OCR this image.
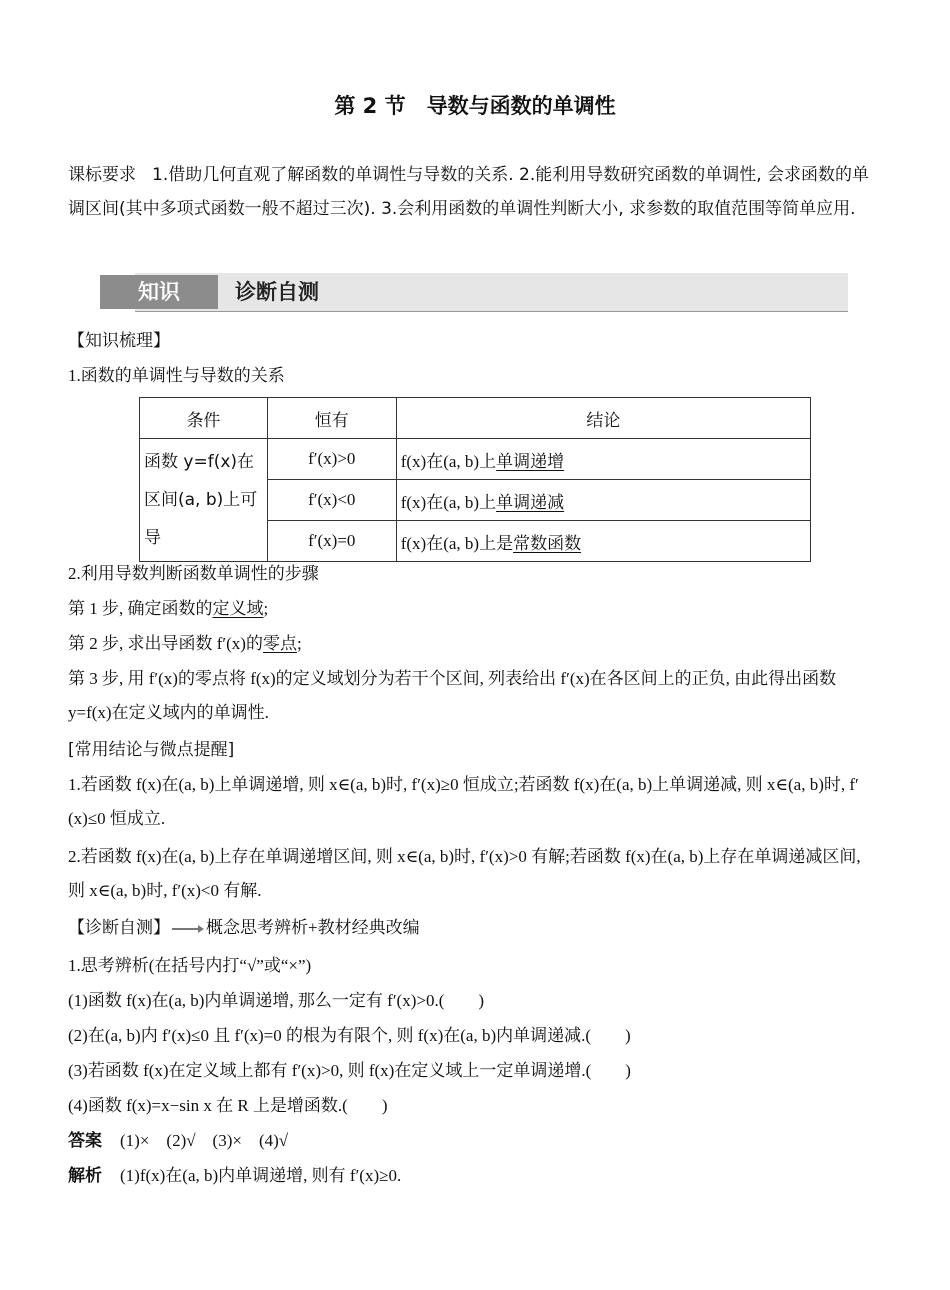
第 2 节　导数与函数的单调性
课标要求 1.借助几何直观了解函数的单调性与导数的关系. 2.能利用导数研究函数的单调性, 会求函数的单调区间(其中多项式函数一般不超过三次). 3.会利用函数的单调性判断大小, 求参数的取值范围等简单应用.
知识	诊断自测
【知识梳理】
1.函数的单调性与导数的关系
条件	恒有	结论

函数 y=f(x)在
区间(a, b)上可
导	f′(x)>0	f(x)在(a, b)上单调递增
	f′(x)<0	f(x)在(a, b)上单调递减
	f′(x)=0	f(x)在(a, b)上是常数函数
2.利用导数判断函数单调性的步骤
第 1 步, 确定函数的定义域;
第 2 步, 求出导函数 f′(x)的零点;
第 3 步, 用 f′(x)的零点将 f(x)的定义域划分为若干个区间, 列表给出 f′(x)在各区间上的正负, 由此得出函数 y=f(x)在定义域内的单调性.
[常用结论与微点提醒]
1.若函数 f(x)在(a, b)上单调递增, 则 x∈(a, b)时, f′(x)≥0 恒成立;若函数 f(x)在(a, b)上单调递减, 则 x∈(a, b)时, f′(x)≤0 恒成立.
2.若函数 f(x)在(a, b)上存在单调递增区间, 则 x∈(a, b)时, f′(x)>0 有解;若函数 f(x)在(a, b)上存在单调递减区间, 则 x∈(a, b)时, f′(x)<0 有解.
【诊断自测】 概念思考辨析+教材经典改编
1.思考辨析(在括号内打“√”或“×”)
(1)函数 f(x)在(a, b)内单调递增, 那么一定有 f′(x)>0.(　　)
(2)在(a, b)内 f′(x)≤0 且 f′(x)=0 的根为有限个, 则 f(x)在(a, b)内单调递减.(　　)
(3)若函数 f(x)在定义域上都有 f′(x)>0, 则 f(x)在定义域上一定单调递增.(　　)
(4)函数 f(x)=x−sin x 在 R 上是增函数.(　　)
答案 (1)×　(2)√　(3)×　(4)√
解析 (1)f(x)在(a, b)内单调递增, 则有 f′(x)≥0.
